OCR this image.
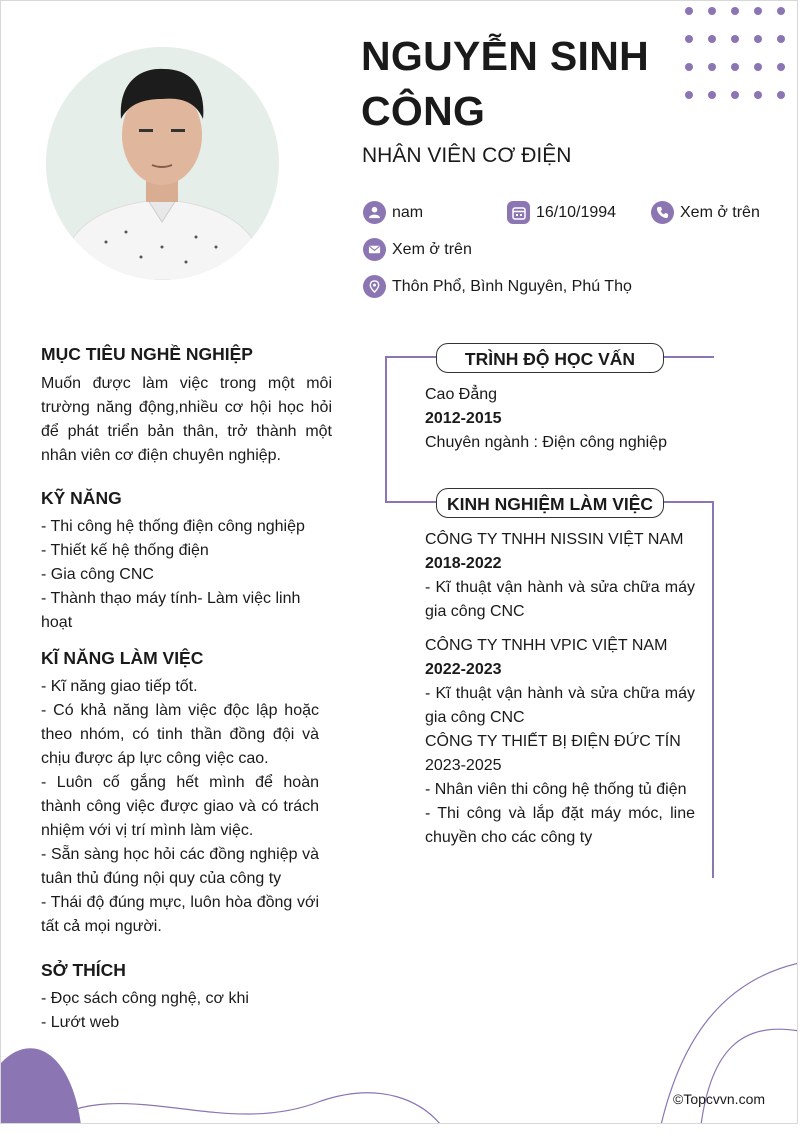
NGUYỄN SINH
CÔNG
NHÂN VIÊN CƠ ĐIỆN
nam	16/10/1994	Xem ở trên
Xem ở trên
Thôn Phổ, Bình Nguyên, Phú Thọ
MỤC TIÊU NGHỀ NGHIỆP
Muốn được làm việc trong một môi trường năng động,nhiều cơ hội học hỏi để phát triển bản thân, trở thành một nhân viên cơ điện chuyên nghiệp.
KỸ NĂNG
- Thi công hệ thống điện công nghiệp
- Thiết kế hệ thống điện
- Gia công CNC
- Thành thạo máy tính- Làm việc linh hoạt
KĨ NĂNG LÀM VIỆC
- Kĩ năng giao tiếp tốt.
- Có khả năng làm việc độc lập hoặc theo nhóm, có tinh thần đồng đội và chịu được áp lực công việc cao.
- Luôn cố gắng hết mình để hoàn thành công việc được giao và có trách nhiệm với vị trí mình làm việc.
- Sẵn sàng học hỏi các đồng nghiệp và tuân thủ đúng nội quy của công ty
- Thái độ đúng mực, luôn hòa đồng với tất cả mọi người.
SỞ THÍCH
- Đọc sách công nghệ, cơ khi
- Lướt web
TRÌNH ĐỘ HỌC VẤN
Cao Đẳng
2012-2015
Chuyên ngành : Điện công nghiệp
KINH NGHIỆM LÀM VIỆC
CÔNG TY TNHH NISSIN VIỆT NAM
2018-2022
- Kĩ thuật vận hành và sửa chữa máy gia công CNC
CÔNG TY TNHH VPIC VIỆT NAM
2022-2023
- Kĩ thuật vận hành và sửa chữa máy gia công CNC
CÔNG TY THIẾT BỊ ĐIỆN ĐỨC TÍN
2023-2025
- Nhân viên thi công hệ thống tủ điện
- Thi công và lắp đặt máy móc, line chuyền cho các công ty
©Topcvvn.com
